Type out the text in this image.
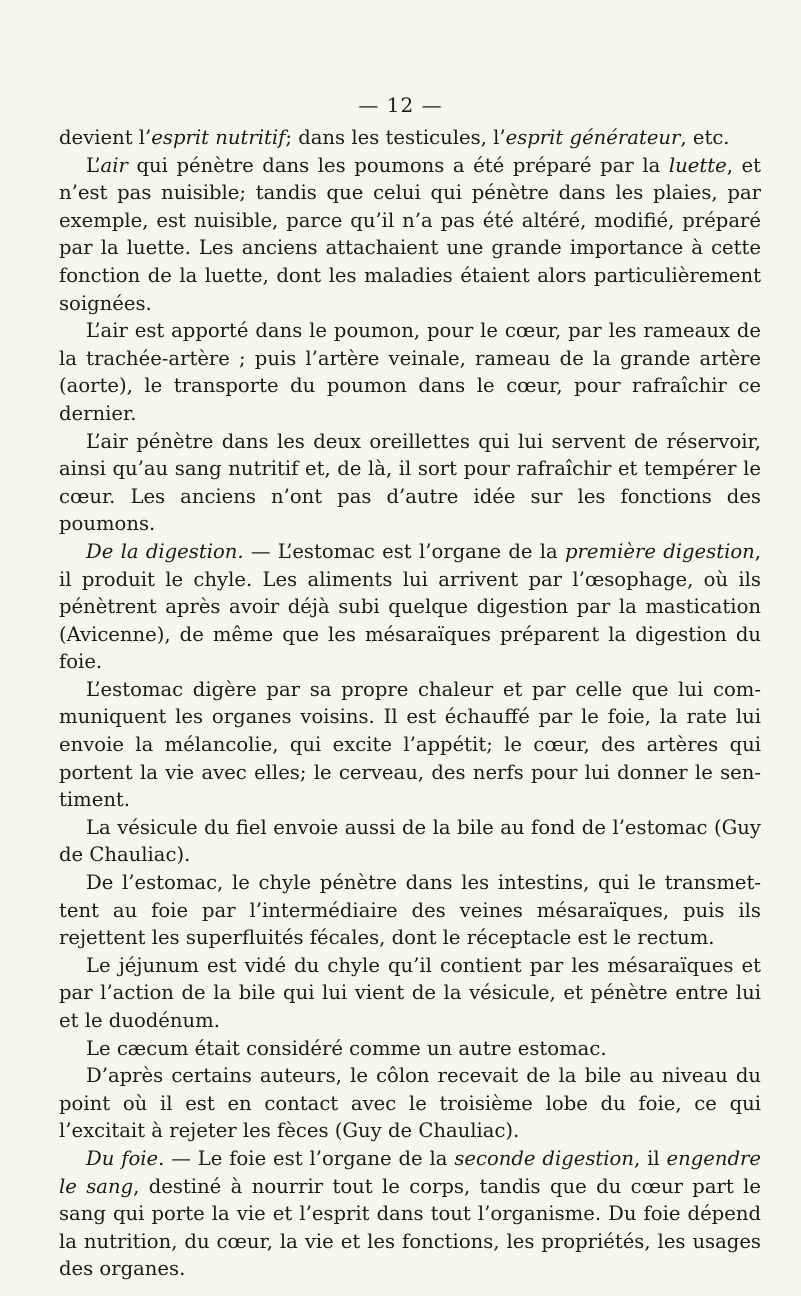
— 12 —

devient l’esprit nutritif; dans les testicules, l’esprit générateur, etc.

L’air qui pénètre dans les poumons a été préparé par la luette, et n’est pas nuisible; tandis que celui qui pénètre dans les plaies, par exemple, est nuisible, parce qu’il n’a pas été altéré, modifié, préparé par la luette. Les anciens attachaient une grande importance à cette fonction de la luette, dont les maladies étaient alors particulièrement soignées.

L’air est apporté dans le poumon, pour le cœur, par les rameaux de la trachée-artère ; puis l’artère veinale, rameau de la grande artère (aorte), le transporte du poumon dans le cœur, pour rafraîchir ce dernier.

L’air pénètre dans les deux oreillettes qui lui servent de réservoir, ainsi qu’au sang nutritif et, de là, il sort pour rafraîchir et tempérer le cœur. Les anciens n’ont pas d’autre idée sur les fonctions des poumons.

De la digestion. — L’estomac est l’organe de la première digestion, il produit le chyle. Les aliments lui arrivent par l’œsophage, où ils pénètrent après avoir déjà subi quelque digestion par la mastication (Avicenne), de même que les mésaraïques préparent la digestion du foie.

L’estomac digère par sa propre chaleur et par celle que lui communiquent les organes voisins. Il est échauffé par le foie, la rate lui envoie la mélancolie, qui excite l’appétit; le cœur, des artères qui portent la vie avec elles; le cerveau, des nerfs pour lui donner le sentiment.

La vésicule du fiel envoie aussi de la bile au fond de l’estomac (Guy de Chauliac).

De l’estomac, le chyle pénètre dans les intestins, qui le transmettent au foie par l’intermédiaire des veines mésaraïques, puis ils rejettent les superfluités fécales, dont le réceptacle est le rectum.

Le jéjunum est vidé du chyle qu’il contient par les mésaraïques et par l’action de la bile qui lui vient de la vésicule, et pénètre entre lui et le duodénum.

Le cæcum était considéré comme un autre estomac.

D’après certains auteurs, le côlon recevait de la bile au niveau du point où il est en contact avec le troisième lobe du foie, ce qui l’excitait à rejeter les fèces (Guy de Chauliac).

Du foie. — Le foie est l’organe de la seconde digestion, il engendre le sang, destiné à nourrir tout le corps, tandis que du cœur part le sang qui porte la vie et l’esprit dans tout l’organisme. Du foie dépend la nutrition, du cœur, la vie et les fonctions, les propriétés, les usages des organes.
